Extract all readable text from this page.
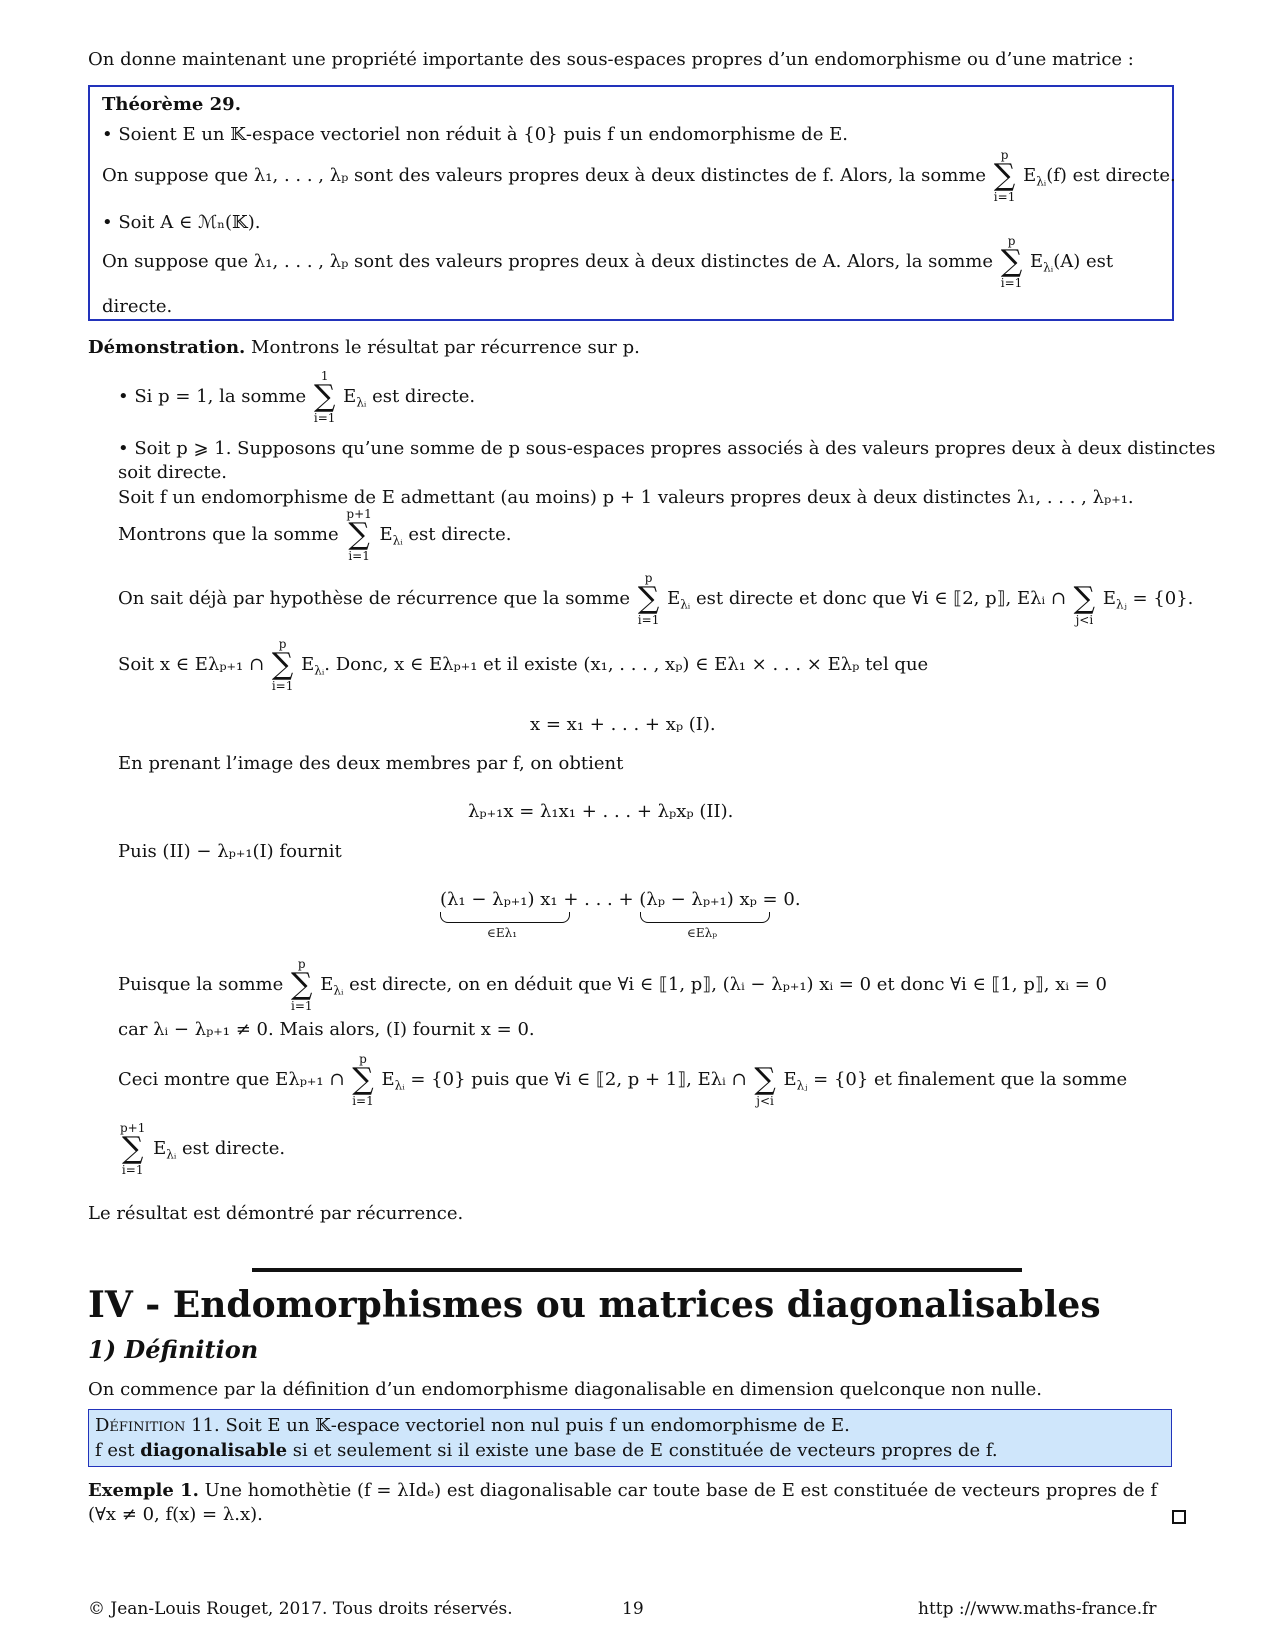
On donne maintenant une propriété importante des sous-espaces propres d’un endomorphisme ou d’une matrice :
Théorème 29.
• Soient E un 𝕂-espace vectoriel non réduit à {0} puis f un endomorphisme de E.
On suppose que λ₁, . . . , λₚ sont des valeurs propres deux à deux distinctes de f. Alors, la somme
p
∑
i=1
$E_{\lambda ᵢ}(f)$ est directe.
• Soit A ∈ ℳₙ(𝕂).
On suppose que λ₁, . . . , λₚ sont des valeurs propres deux à deux distinctes de A. Alors, la somme
p
∑
i=1
$E_{\lambda ᵢ}(A)$ est
directe.
Démonstration. Montrons le résultat par récurrence sur p.
• Si p = 1, la somme
1
∑
i=1
$E_{\lambda ᵢ}$ est directe.
• Soit p ⩾ 1. Supposons qu’une somme de p sous-espaces propres associés à des valeurs propres deux à deux distinctes
soit directe.
Soit f un endomorphisme de E admettant (au moins) p + 1 valeurs propres deux à deux distinctes λ₁, . . . , λₚ₊₁.
Montrons que la somme
p+1
∑
i=1
$E_{\lambda ᵢ}$ est directe.
On sait déjà par hypothèse de récurrence que la somme
p
∑
i=1
$E_{\lambda ᵢ}$ est directe et donc que ∀i ∈ ⟦2, p⟧, Eλᵢ ∩ ∑
j<i
$E_{\lambda ⱼ} = \{0\}$.
Soit x ∈ Eλₚ₊₁ ∩
p
∑
i=1
$E_{\lambda ᵢ}$. Donc, x ∈ Eλₚ₊₁ et il existe (x₁, . . . , xₚ) ∈ Eλ₁ × . . . × Eλₚ tel que
x = x₁ + . . . + xₚ (I).
En prenant l’image des deux membres par f, on obtient
λₚ₊₁x = λ₁x₁ + . . . + λₚxₚ (II).
Puis (II) − λₚ₊₁(I) fournit
(λ₁ − λₚ₊₁) x₁ + . . . + (λₚ − λₚ₊₁) xₚ = 0.
∈Eλ₁	∈Eλₚ
Puisque la somme
p
∑
i=1
$E_{\lambda ᵢ}$ est directe, on en déduit que ∀i ∈ ⟦1, p⟧, (λᵢ − λₚ₊₁) xᵢ = 0 et donc ∀i ∈ ⟦1, p⟧, xᵢ = 0
car λᵢ − λₚ₊₁ ≠ 0. Mais alors, (I) fournit x = 0.
Ceci montre que Eλₚ₊₁ ∩
p
∑
i=1
$E_{\lambda ᵢ} = \{0\}$ puis que ∀i ∈ ⟦2, p + 1⟧, Eλᵢ ∩ ∑
j<i
$E_{\lambda ⱼ} = \{0\}$ et finalement que la somme
p+1
∑
i=1
$E_{\lambda ᵢ}$ est directe.
Le résultat est démontré par récurrence.
IV - Endomorphismes ou matrices diagonalisables
1) Définition
On commence par la définition d’un endomorphisme diagonalisable en dimension quelconque non nulle.
Définition 11. Soit E un 𝕂-espace vectoriel non nul puis f un endomorphisme de E.
f est diagonalisable si et seulement si il existe une base de E constituée de vecteurs propres de f.
Exemple 1. Une homothètie (f = λIdₑ) est diagonalisable car toute base de E est constituée de vecteurs propres de f
(∀x ≠ 0, f(x) = λ.x).
© Jean-Louis Rouget, 2017. Tous droits réservés.	19	http ://www.maths-france.fr
